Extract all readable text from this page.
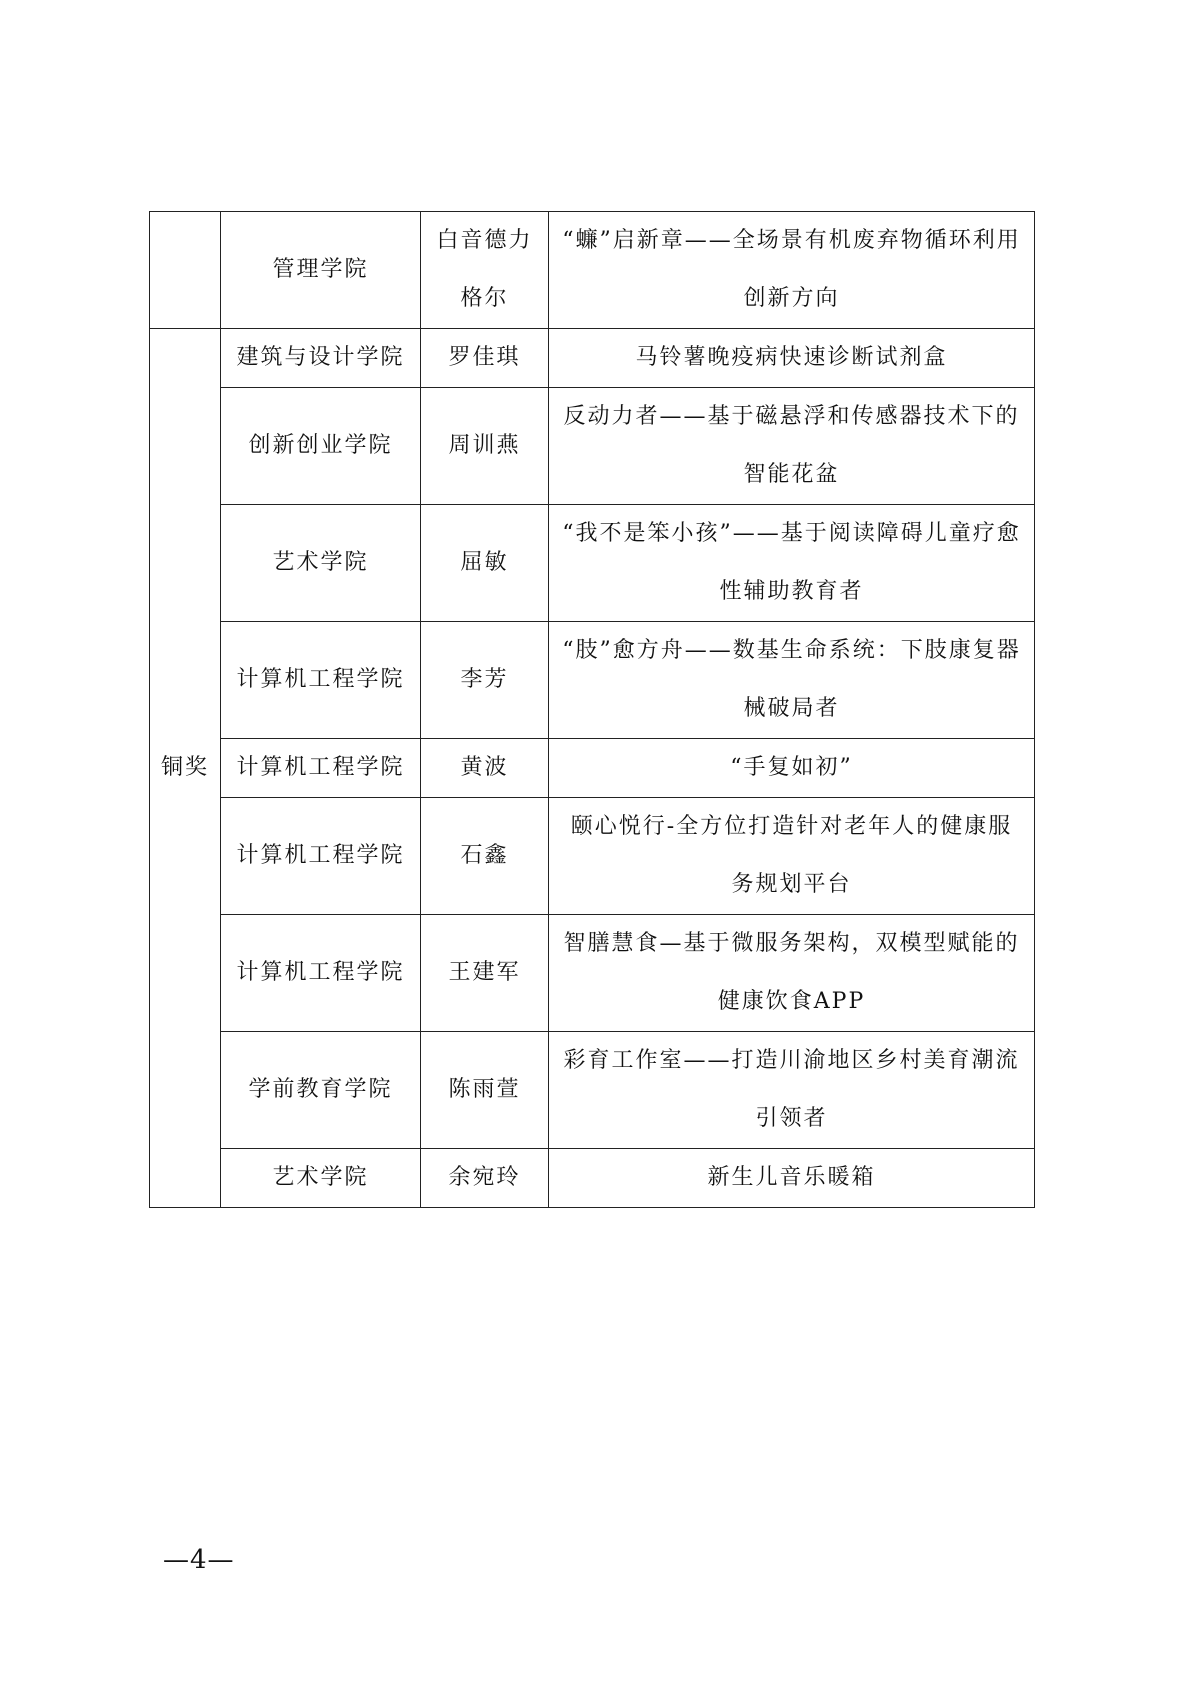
	管理学院	白音德力格尔	“蠊”启新章——全场景有机废弃物循环利用创新方向
铜奖	建筑与设计学院	罗佳琪	马铃薯晚疫病快速诊断试剂盒
	创新创业学院	周训燕	反动力者——基于磁悬浮和传感器技术下的智能花盆
	艺术学院	屈敏	“我不是笨小孩”——基于阅读障碍儿童疗愈性辅助教育者
	计算机工程学院	李芳	“肢”愈方舟——数基生命系统：下肢康复器械破局者
	计算机工程学院	黄波	“手复如初”
	计算机工程学院	石鑫	颐心悦行-全方位打造针对老年人的健康服务规划平台
	计算机工程学院	王建军	智膳慧食—基于微服务架构，双模型赋能的健康饮食APP
	学前教育学院	陈雨萱	彩育工作室——打造川渝地区乡村美育潮流引领者
	艺术学院	余宛玲	新生儿音乐暖箱
—4—
